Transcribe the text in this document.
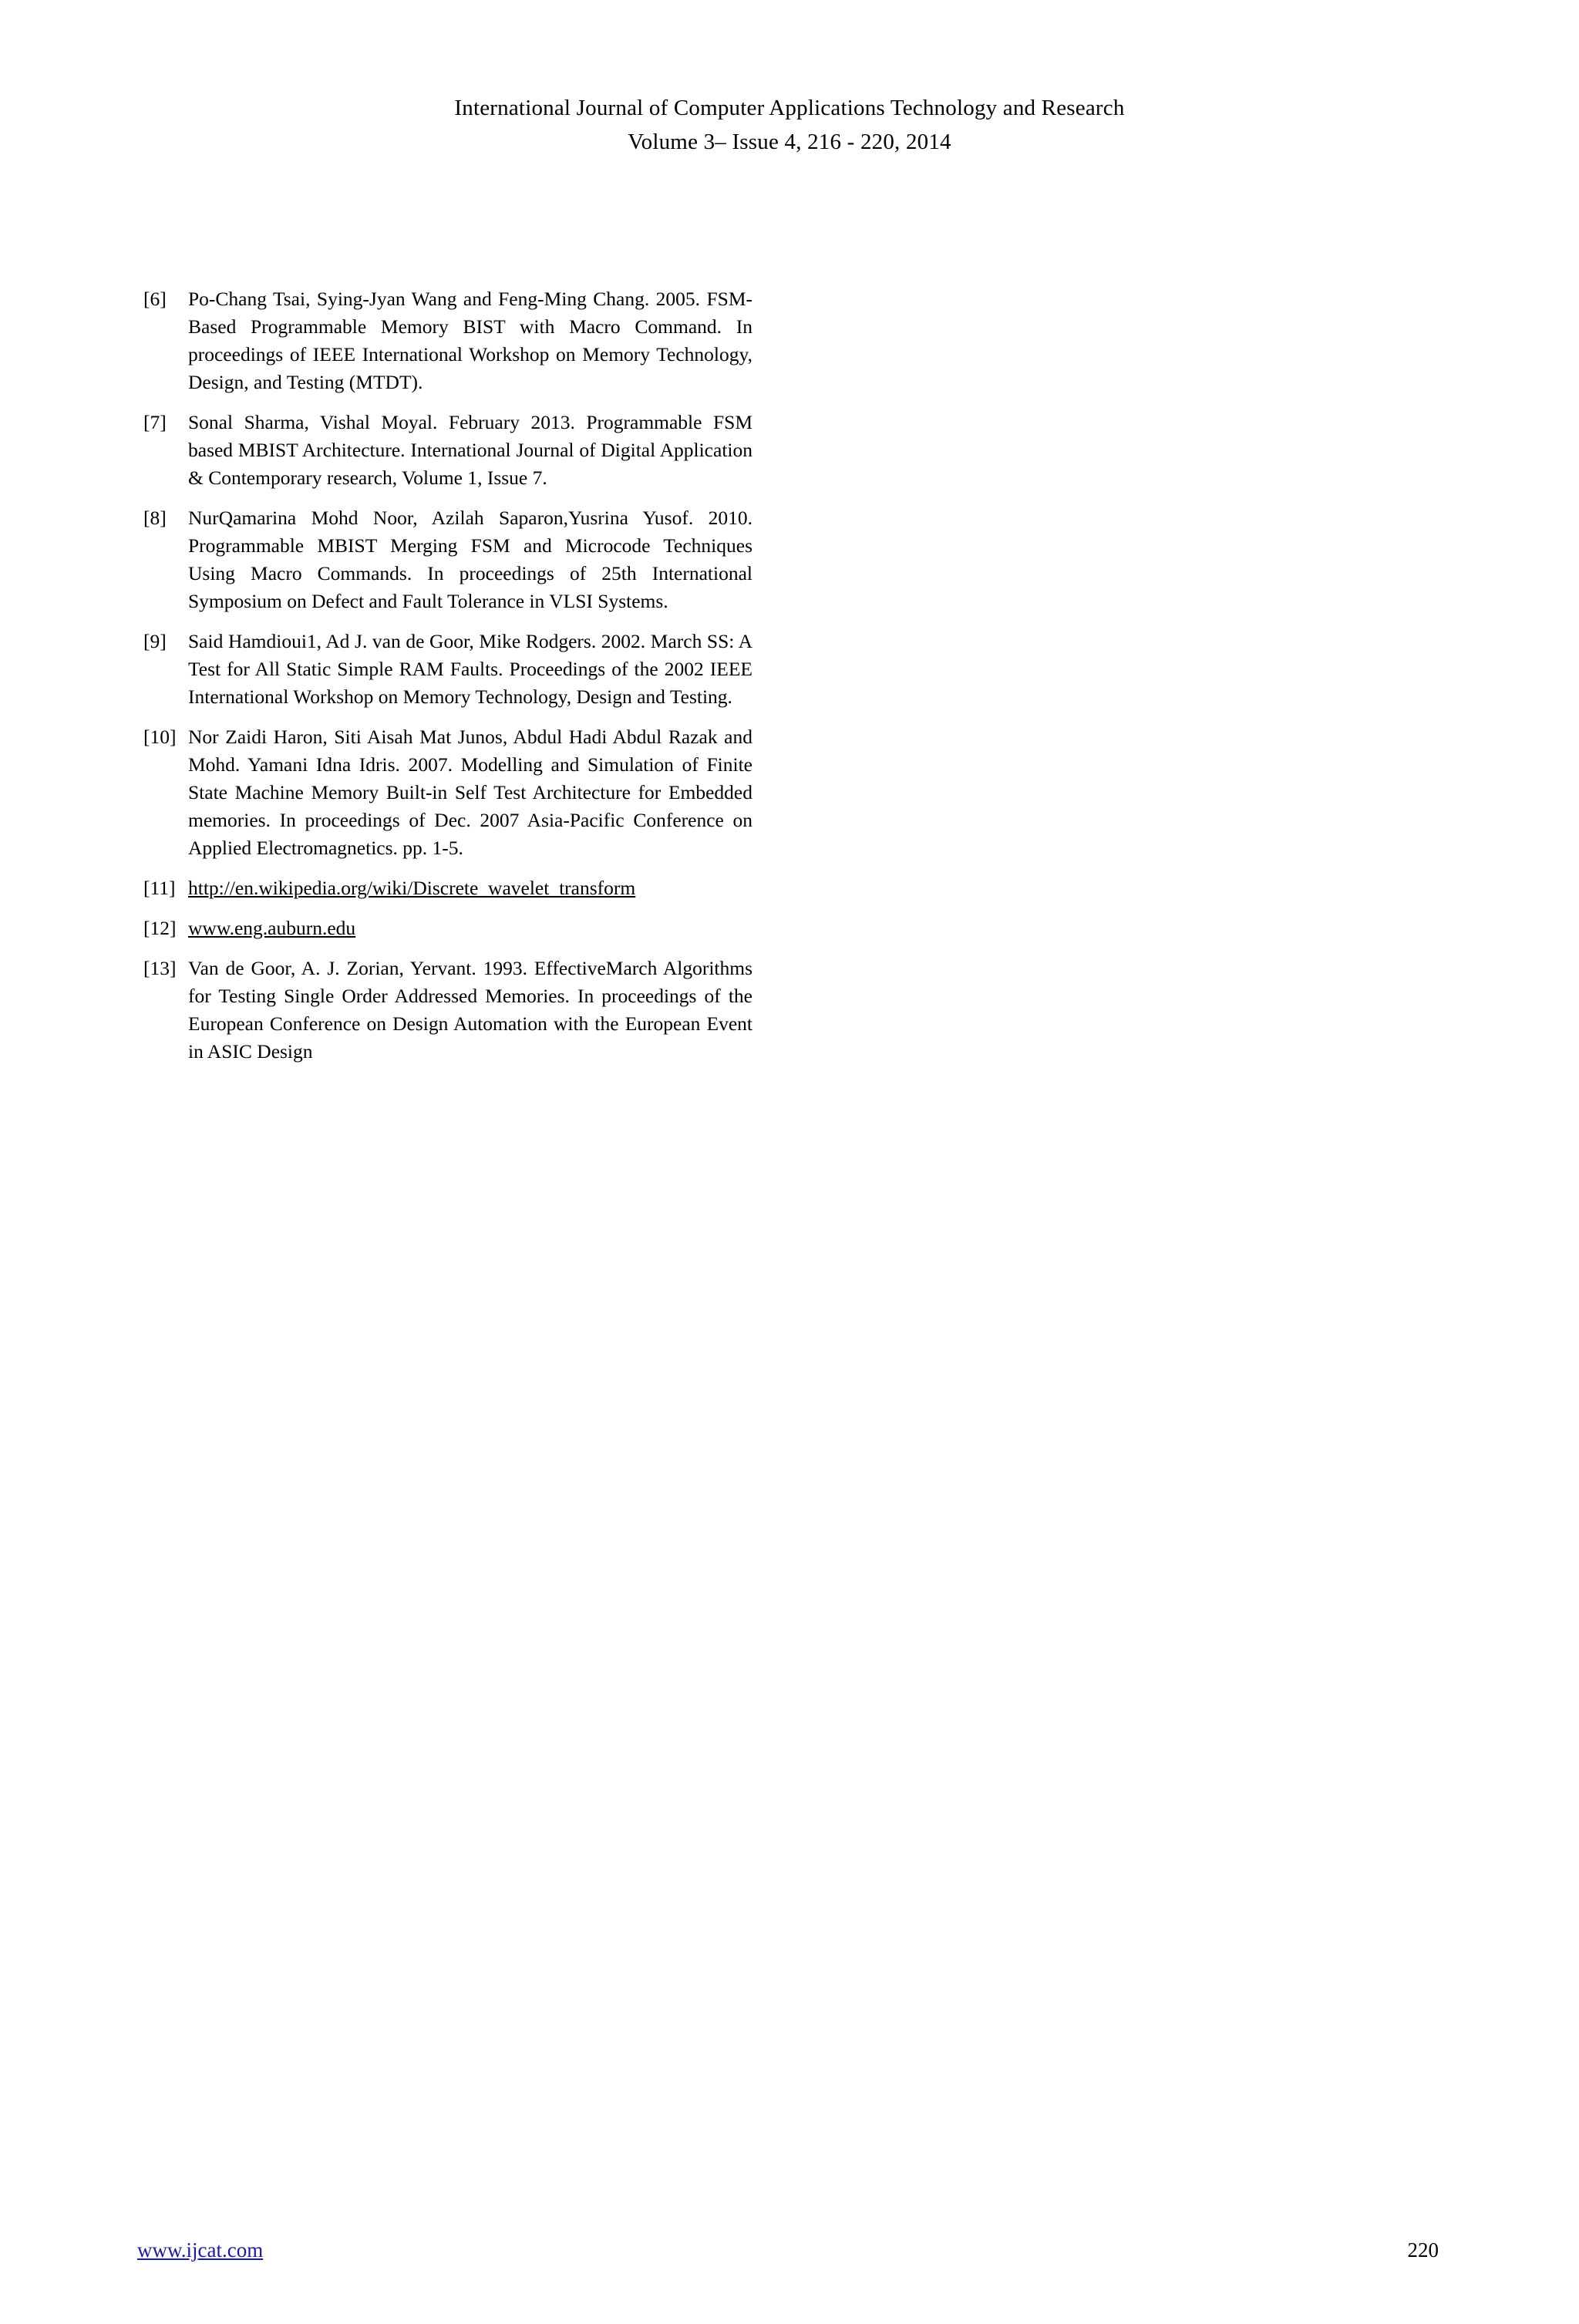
International Journal of Computer Applications Technology and Research
Volume 3– Issue 4, 216 - 220, 2014
[6]	Po-Chang Tsai, Sying-Jyan Wang and Feng-Ming Chang. 2005. FSM- Based Programmable Memory BIST with Macro Command. In proceedings of IEEE International Workshop on Memory Technology, Design, and Testing (MTDT).
[7]	Sonal Sharma, Vishal Moyal. February 2013. Programmable FSM based MBIST Architecture. International Journal of Digital Application & Contemporary research, Volume 1, Issue 7.
[8]	NurQamarina Mohd Noor, Azilah Saparon,Yusrina Yusof. 2010. Programmable MBIST Merging FSM and Microcode Techniques Using Macro Commands. In proceedings of 25th International Symposium on Defect and Fault Tolerance in VLSI Systems.
[9]	Said Hamdioui1, Ad J. van de Goor, Mike Rodgers. 2002. March SS: A Test for All Static Simple RAM Faults. Proceedings of the 2002 IEEE International Workshop on Memory Technology, Design and Testing.
[10] Nor Zaidi Haron, Siti Aisah Mat Junos, Abdul Hadi Abdul Razak and Mohd. Yamani Idna Idris. 2007. Modelling and Simulation of Finite State Machine Memory Built-in Self Test Architecture for Embedded memories. In proceedings of Dec. 2007 Asia-Pacific Conference on Applied Electromagnetics. pp. 1-5.
[11] http://en.wikipedia.org/wiki/Discrete_wavelet_transform
[12] www.eng.auburn.edu
[13] Van de Goor, A. J. Zorian, Yervant. 1993. EffectiveMarch Algorithms for Testing Single Order Addressed Memories. In proceedings of the European Conference on Design Automation with the European Event in ASIC Design
www.ijcat.com	220
